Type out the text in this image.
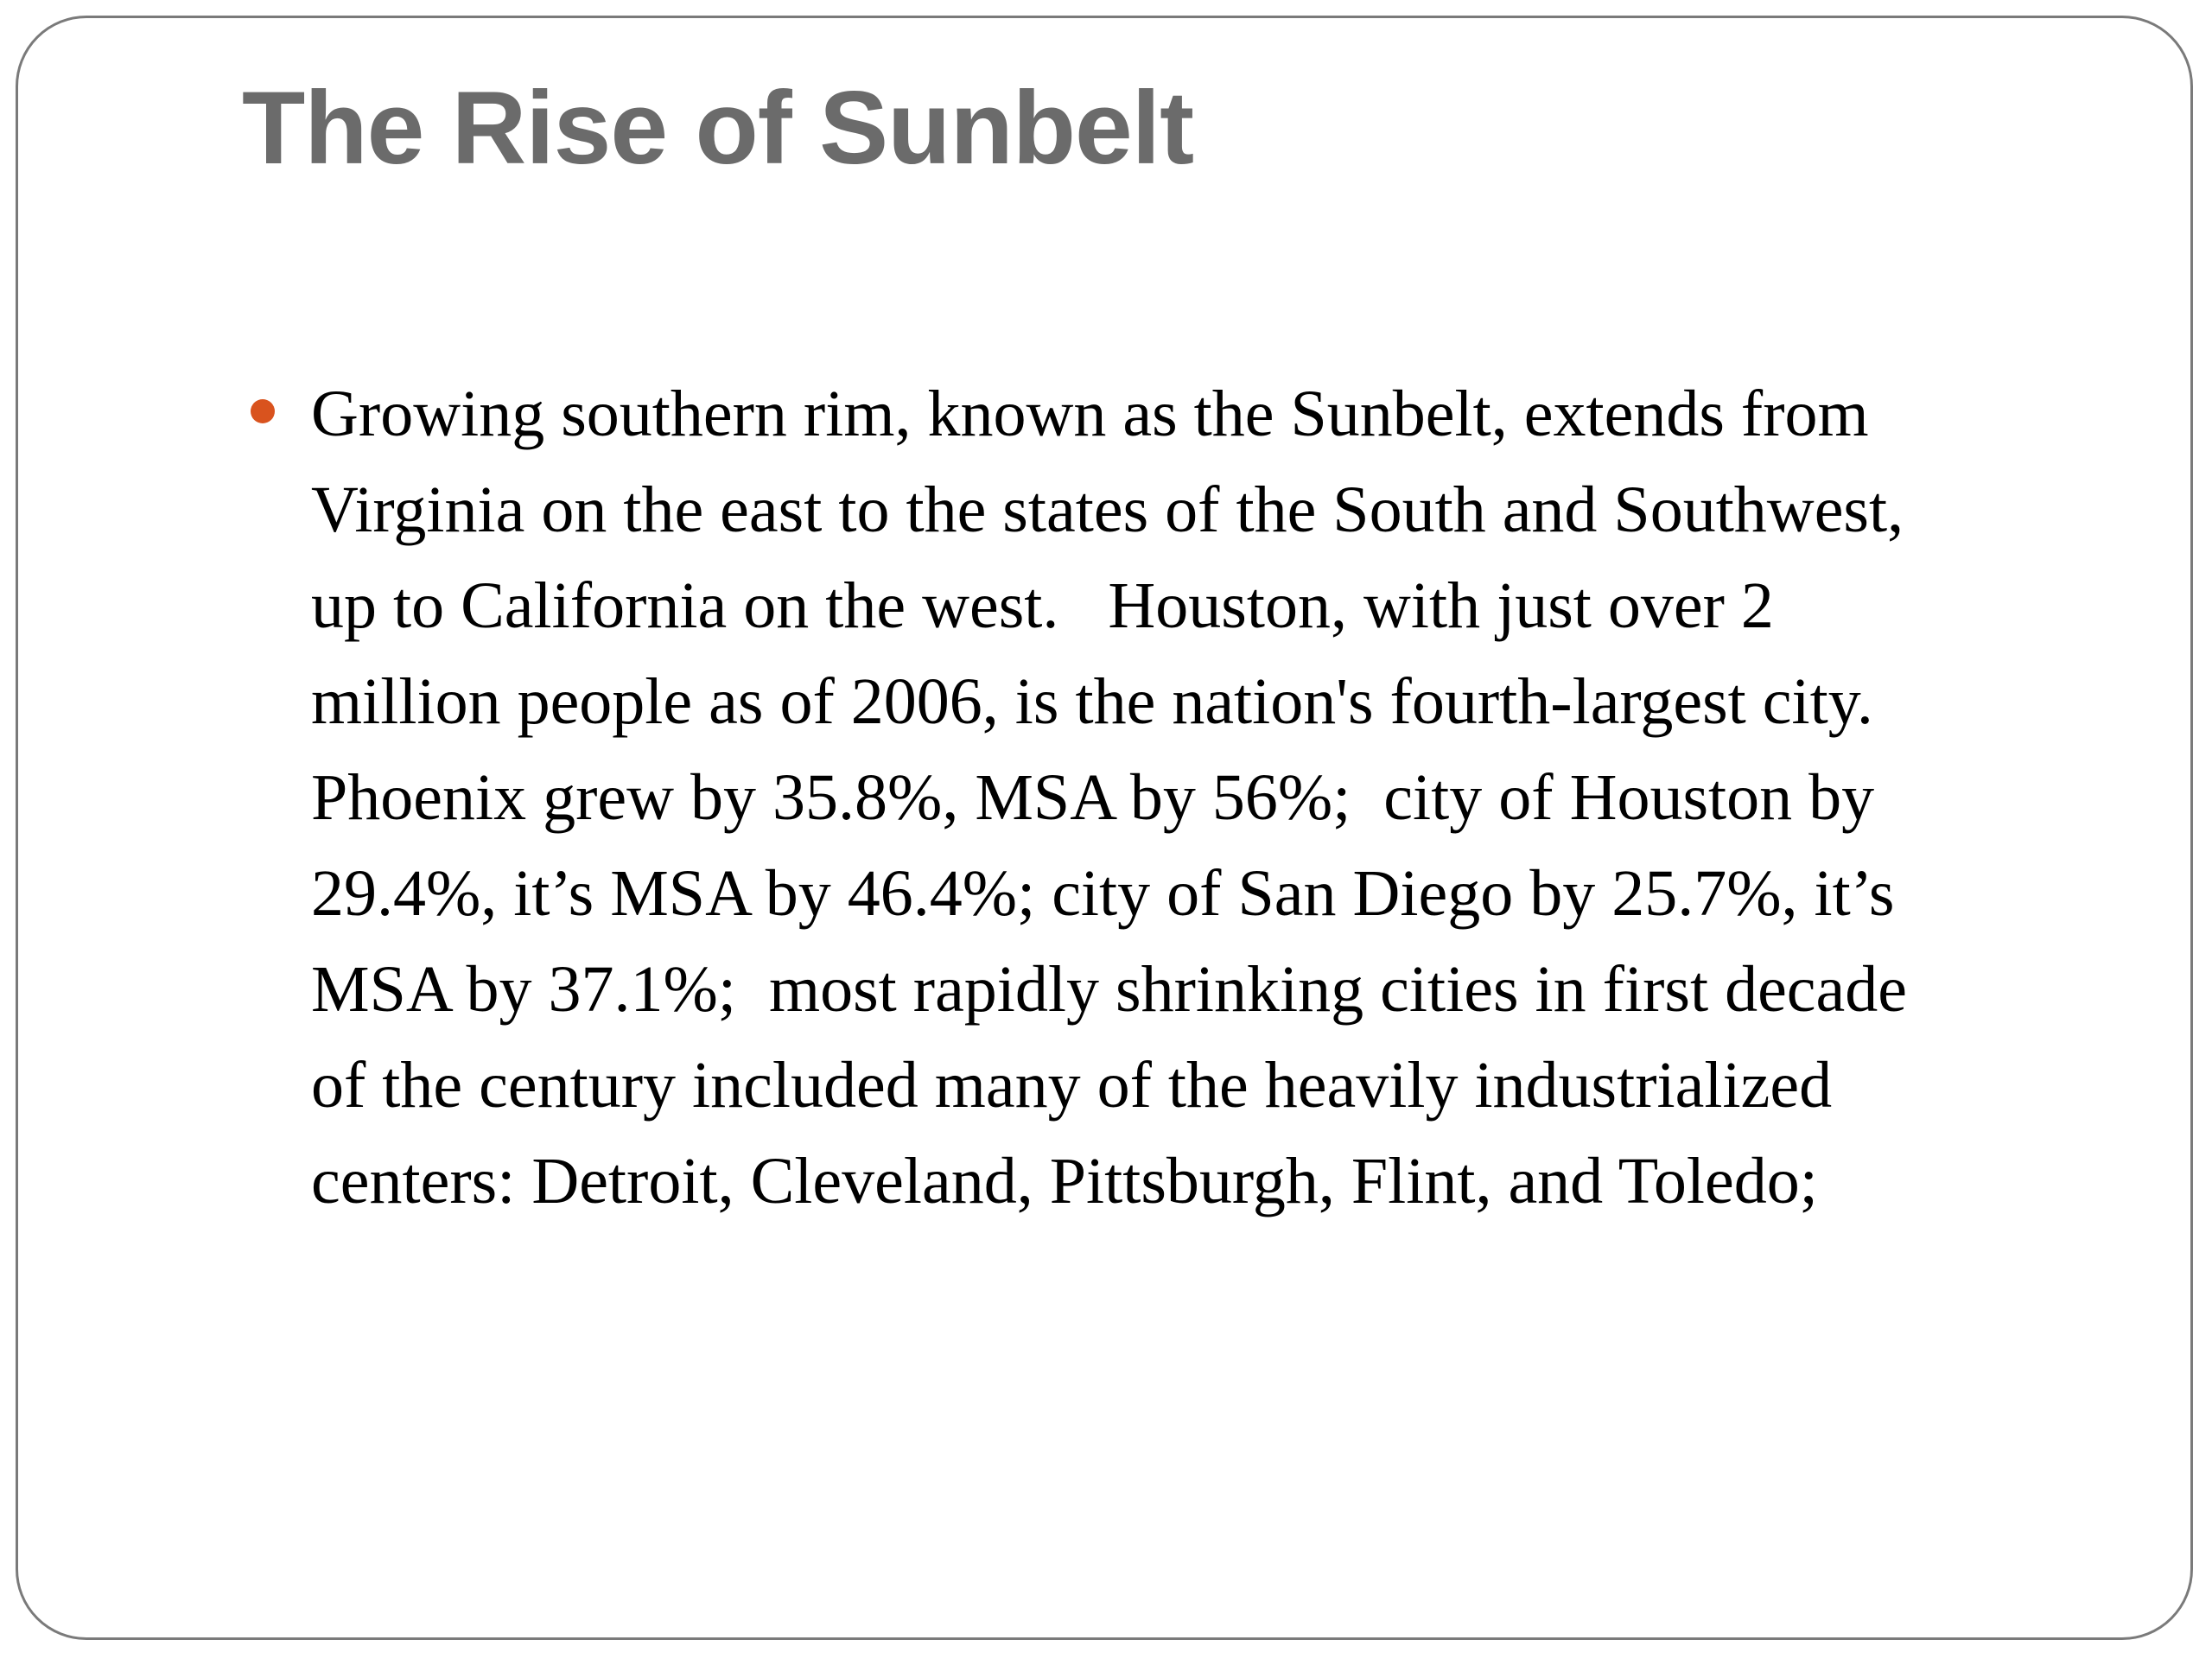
The Rise of Sunbelt
Growing southern rim, known as the Sunbelt, extends from
Virginia on the east to the states of the South and Southwest,
up to California on the west.   Houston, with just over 2
million people as of 2006, is the nation's fourth-largest city.
Phoenix grew by 35.8%, MSA by 56%;  city of Houston by
29.4%, it’s MSA by 46.4%; city of San Diego by 25.7%, it’s
MSA by 37.1%;  most rapidly shrinking cities in first decade
of the century included many of the heavily industrialized
centers: Detroit, Cleveland, Pittsburgh, Flint, and Toledo;
